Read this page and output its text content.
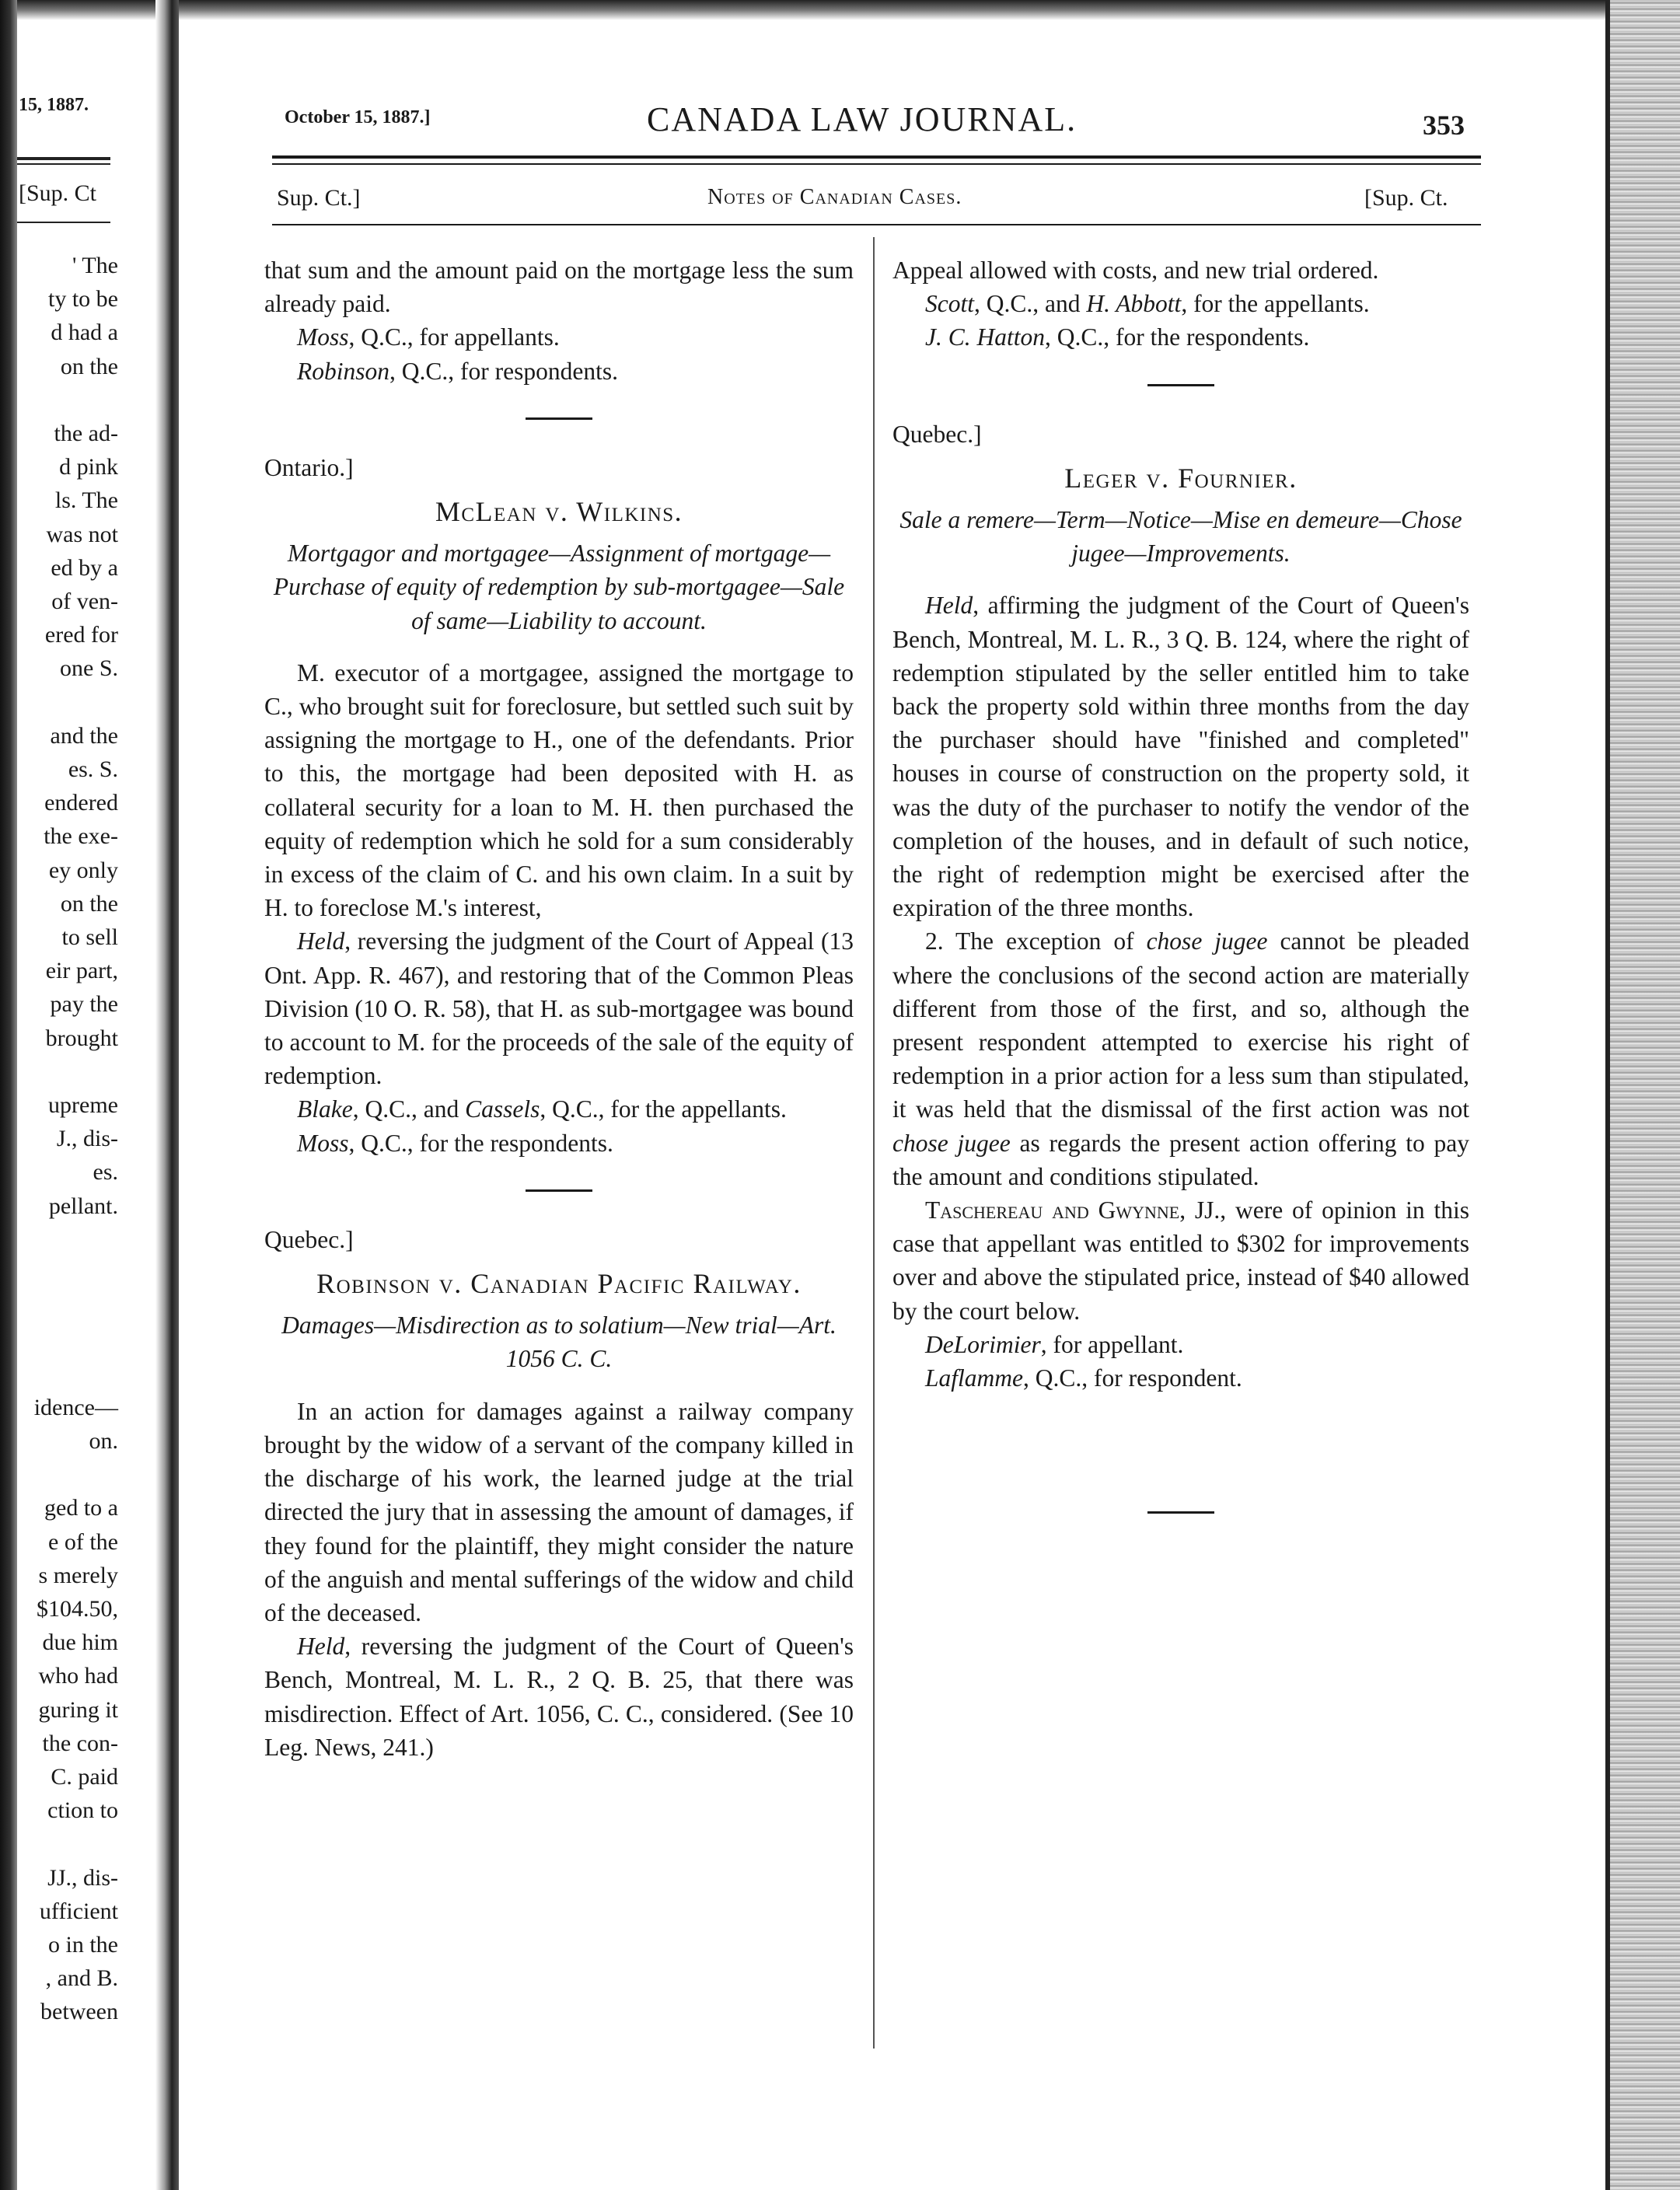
15, 1887.
[Sup. Ct
' The
ty to be
d had a
on the
the ad-
d pink
ls. The
was not
ed by a
of ven-
ered for
one S.
and the
es. S.
endered
the exe-
ey only
on the
to sell
eir part,
pay the
brought
upreme
J., dis-
es.
pellant.
idence—
on.
ged to a
e of the
s merely
$104.50,
due him
who had
guring it
the con-
C. paid
ction to
JJ., dis-
ufficient
o in the
, and B.
between
October 15, 1887.]	CANADA LAW JOURNAL.	353
Sup. Ct.]	Notes of Canadian Cases.	[Sup. Ct.

that sum and the amount paid on the mortgage less the sum already paid.

Moss, Q.C., for appellants.

Robinson, Q.C., for respondents.

Ontario.]

McLean v. Wilkins.

Mortgagor and mortgagee—Assignment of mortgage—Purchase of equity of redemption by sub-mortgagee—Sale of same—Liability to account.

M. executor of a mortgagee, assigned the mortgage to C., who brought suit for foreclosure, but settled such suit by assigning the mortgage to H., one of the defendants. Prior to this, the mortgage had been deposited with H. as collateral security for a loan to M. H. then purchased the equity of redemption which he sold for a sum considerably in excess of the claim of C. and his own claim. In a suit by H. to foreclose M.'s interest,

Held, reversing the judgment of the Court of Appeal (13 Ont. App. R. 467), and restoring that of the Common Pleas Division (10 O. R. 58), that H. as sub-mortgagee was bound to account to M. for the proceeds of the sale of the equity of redemption.

Blake, Q.C., and Cassels, Q.C., for the appellants.

Moss, Q.C., for the respondents.

Quebec.]

Robinson v. Canadian Pacific Railway.

Damages—Misdirection as to solatium—New trial—Art. 1056 C. C.

In an action for damages against a railway company brought by the widow of a servant of the company killed in the discharge of his work, the learned judge at the trial directed the jury that in assessing the amount of damages, if they found for the plaintiff, they might consider the nature of the anguish and mental sufferings of the widow and child of the deceased.

Held, reversing the judgment of the Court of Queen's Bench, Montreal, M. L. R., 2 Q. B. 25, that there was misdirection. Effect of Art. 1056, C. C., considered. (See 10 Leg. News, 241.)

Appeal allowed with costs, and new trial ordered.

Scott, Q.C., and H. Abbott, for the appellants.

J. C. Hatton, Q.C., for the respondents.

Quebec.]

Leger v. Fournier.

Sale a remere—Term—Notice—Mise en demeure—Chose jugee—Improvements.

Held, affirming the judgment of the Court of Queen's Bench, Montreal, M. L. R., 3 Q. B. 124, where the right of redemption stipulated by the seller entitled him to take back the property sold within three months from the day the purchaser should have "finished and completed" houses in course of construction on the property sold, it was the duty of the purchaser to notify the vendor of the completion of the houses, and in default of such notice, the right of redemption might be exercised after the expiration of the three months.

2. The exception of chose jugee cannot be pleaded where the conclusions of the second action are materially different from those of the first, and so, although the present respondent attempted to exercise his right of redemption in a prior action for a less sum than stipulated, it was held that the dismissal of the first action was not chose jugee as regards the present action offering to pay the amount and conditions stipulated.

Taschereau and Gwynne, JJ., were of opinion in this case that appellant was entitled to $302 for improvements over and above the stipulated price, instead of $40 allowed by the court below.

DeLorimier, for appellant.

Laflamme, Q.C., for respondent.
